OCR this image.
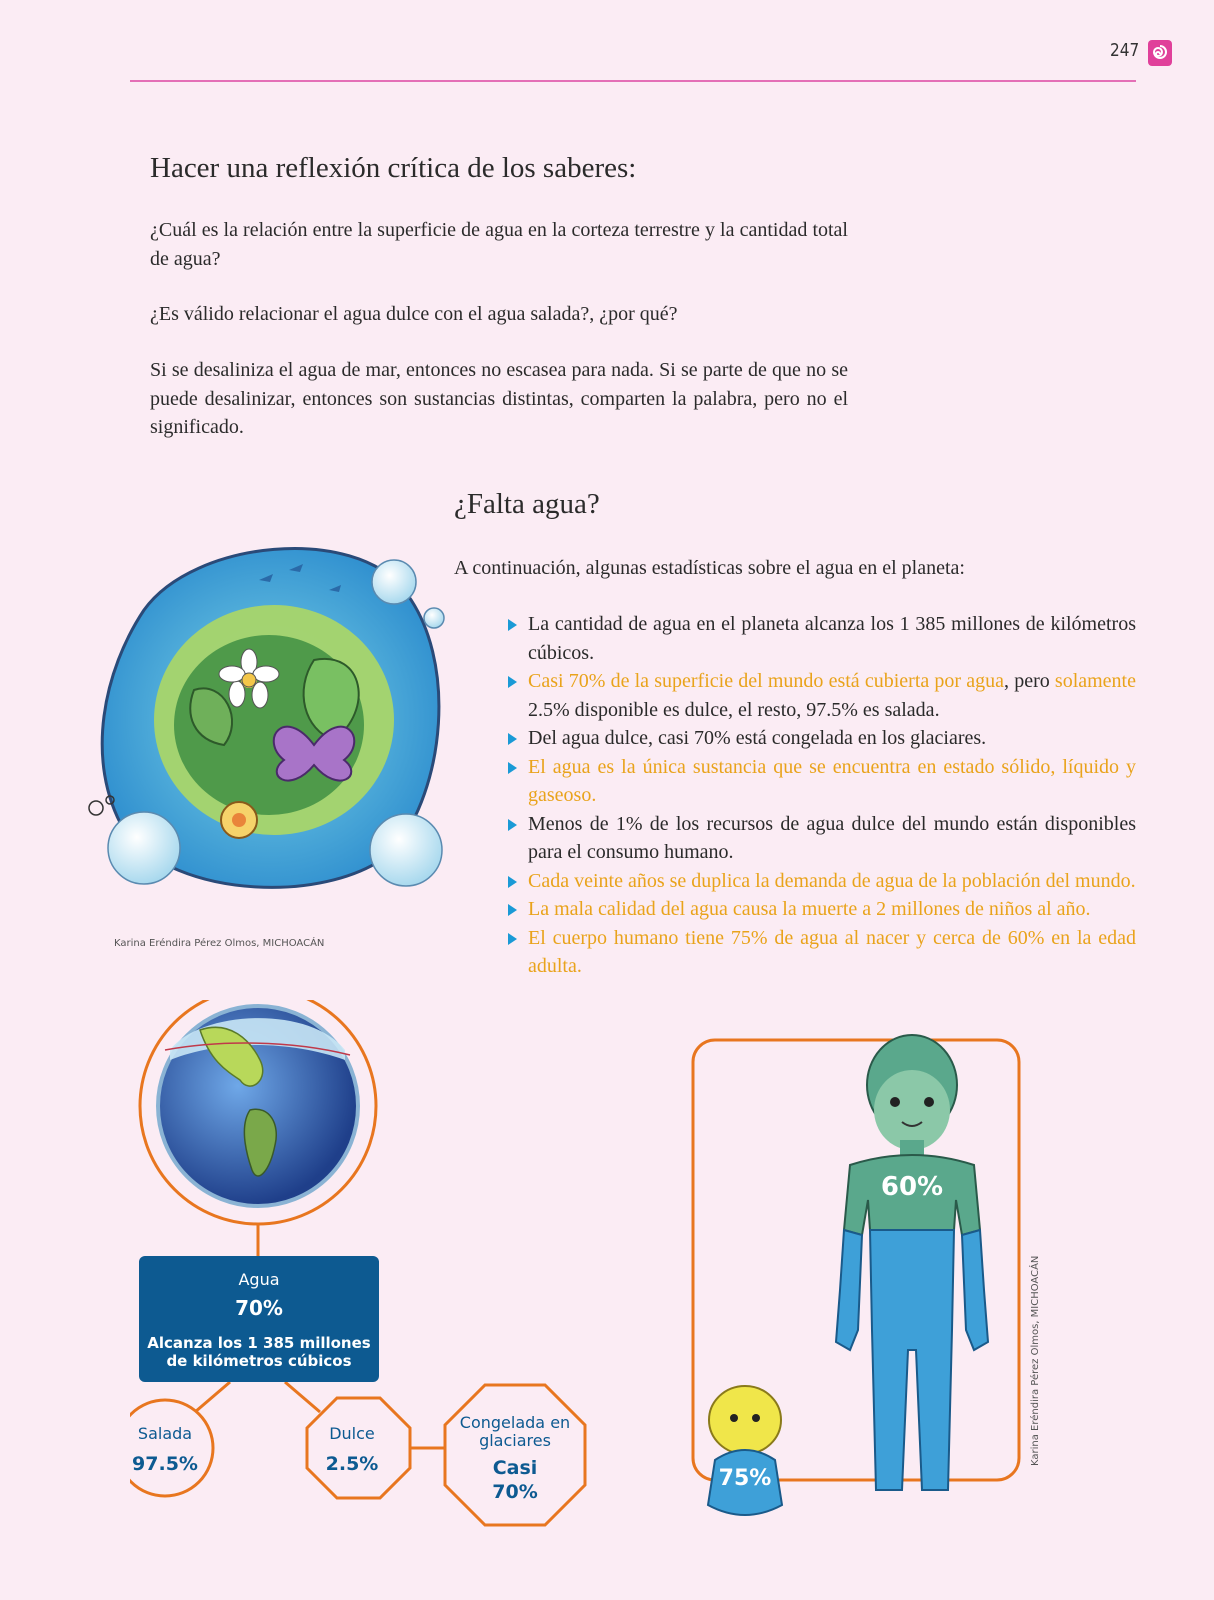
247
Hacer una reflexión crítica de los saberes:

¿Cuál es la relación entre la superficie de agua en la corteza terrestre y la cantidad total de agua?

¿Es válido relacionar el agua dulce con el agua salada?, ¿por qué?

Si se desaliniza el agua de mar, entonces no escasea para nada. Si se parte de que no se puede desalinizar, entonces son sustancias distintas, comparten la palabra, pero no el significado.

¿Falta agua?

A continuación, algunas estadísticas sobre el agua en el planeta:

La cantidad de agua en el planeta alcanza los 1 385 millones de kilómetros cúbicos.
Casi 70% de la superficie del mundo está cubierta por agua, pero solamente 2.5% disponible es dulce, el resto, 97.5% es salada.
Del agua dulce, casi 70% está congelada en los glaciares.
El agua es la única sustancia que se encuentra en estado sólido, líquido y gaseoso.
Menos de 1% de los recursos de agua dulce del mundo están disponibles para el consumo humano.
Cada veinte años se duplica la demanda de agua de la población del mundo.
La mala calidad del agua causa la muerte a 2 millones de niños al año.
El cuerpo humano tiene 75% de agua al nacer y cerca de 60% en la edad adulta.
Karina Eréndira Pérez Olmos, MICHOACÁN
Agua
70%
Alcanza los 1 385 millones de kilómetros cúbicos
Salada
97.5%
Dulce
2.5%
Congelada en glaciares
Casi
70%
60%
75%
Karina Eréndira Pérez Olmos, MICHOACÁN
